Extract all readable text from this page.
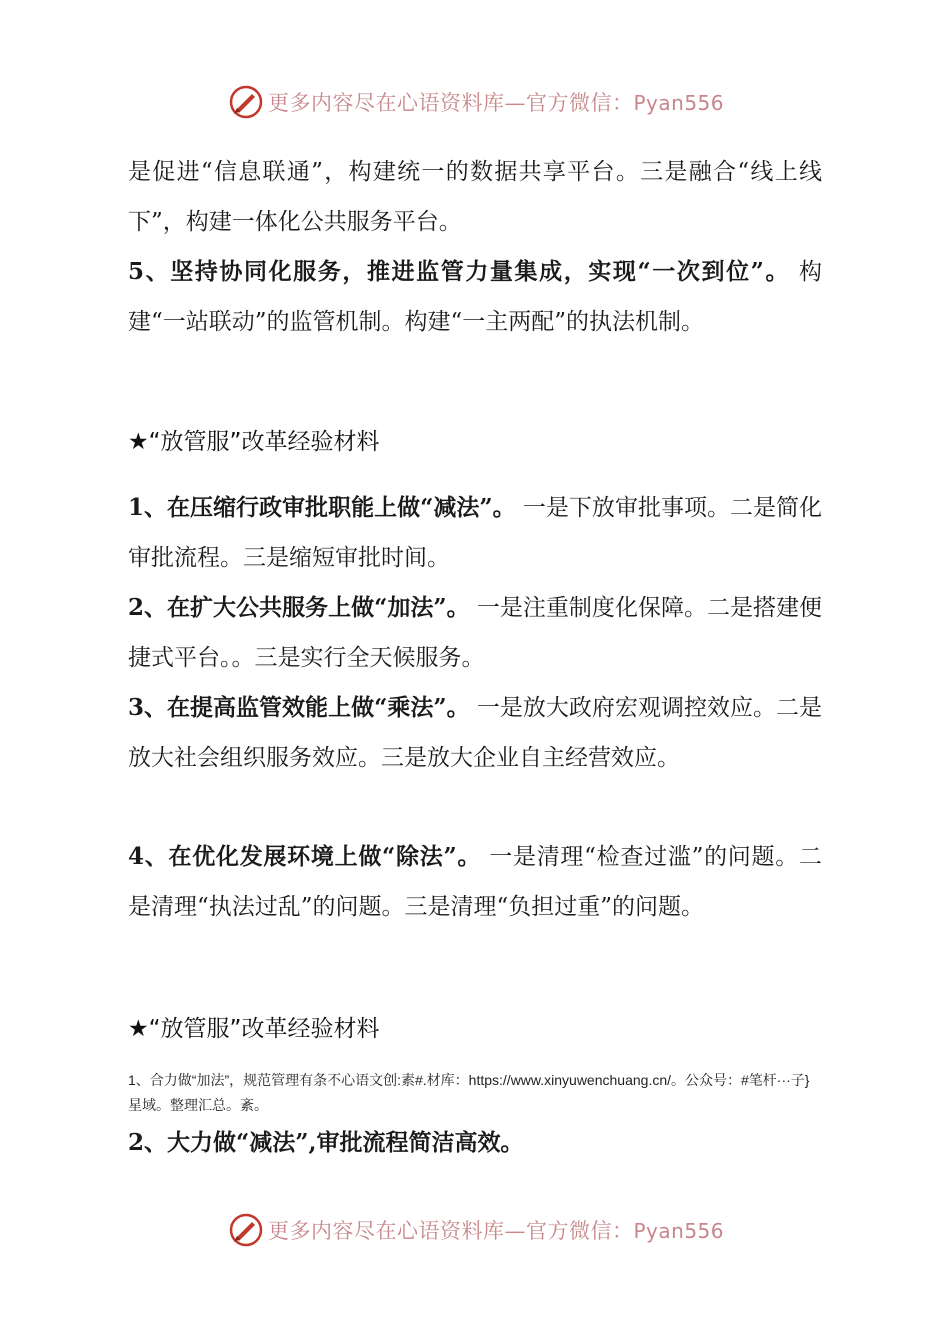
更多内容尽在心语资料库—官方微信：Pyan556
是促进“信息联通”，构建统一的数据共享平台。三是融合“线上线下”，构建一体化公共服务平台。
5、坚持协同化服务，推进监管力量集成，实现“一次到位”。 构建“一站联动”的监管机制。构建“一主两配”的执法机制。
★“放管服”改革经验材料
1、在压缩行政审批职能上做“减法”。 一是下放审批事项。二是简化审批流程。三是缩短审批时间。
2、在扩大公共服务上做“加法”。 一是注重制度化保障。二是搭建便捷式平台。。三是实行全天候服务。
3、在提高监管效能上做“乘法”。 一是放大政府宏观调控效应。二是放大社会组织服务效应。三是放大企业自主经营效应。
4、在优化发展环境上做“除法”。 一是清理“检查过滥”的问题。二是清理“执法过乱”的问题。三是清理“负担过重”的问题。
★“放管服”改革经验材料
1、合力做“加法”，规范管理有条不心语文创:素#.材库：https://www.xinyuwenchuang.cn/。公众号：#笔杆···子}星域。整理汇总。紊。
2、大力做“减法”,审批流程简洁高效。
更多内容尽在心语资料库—官方微信：Pyan556
